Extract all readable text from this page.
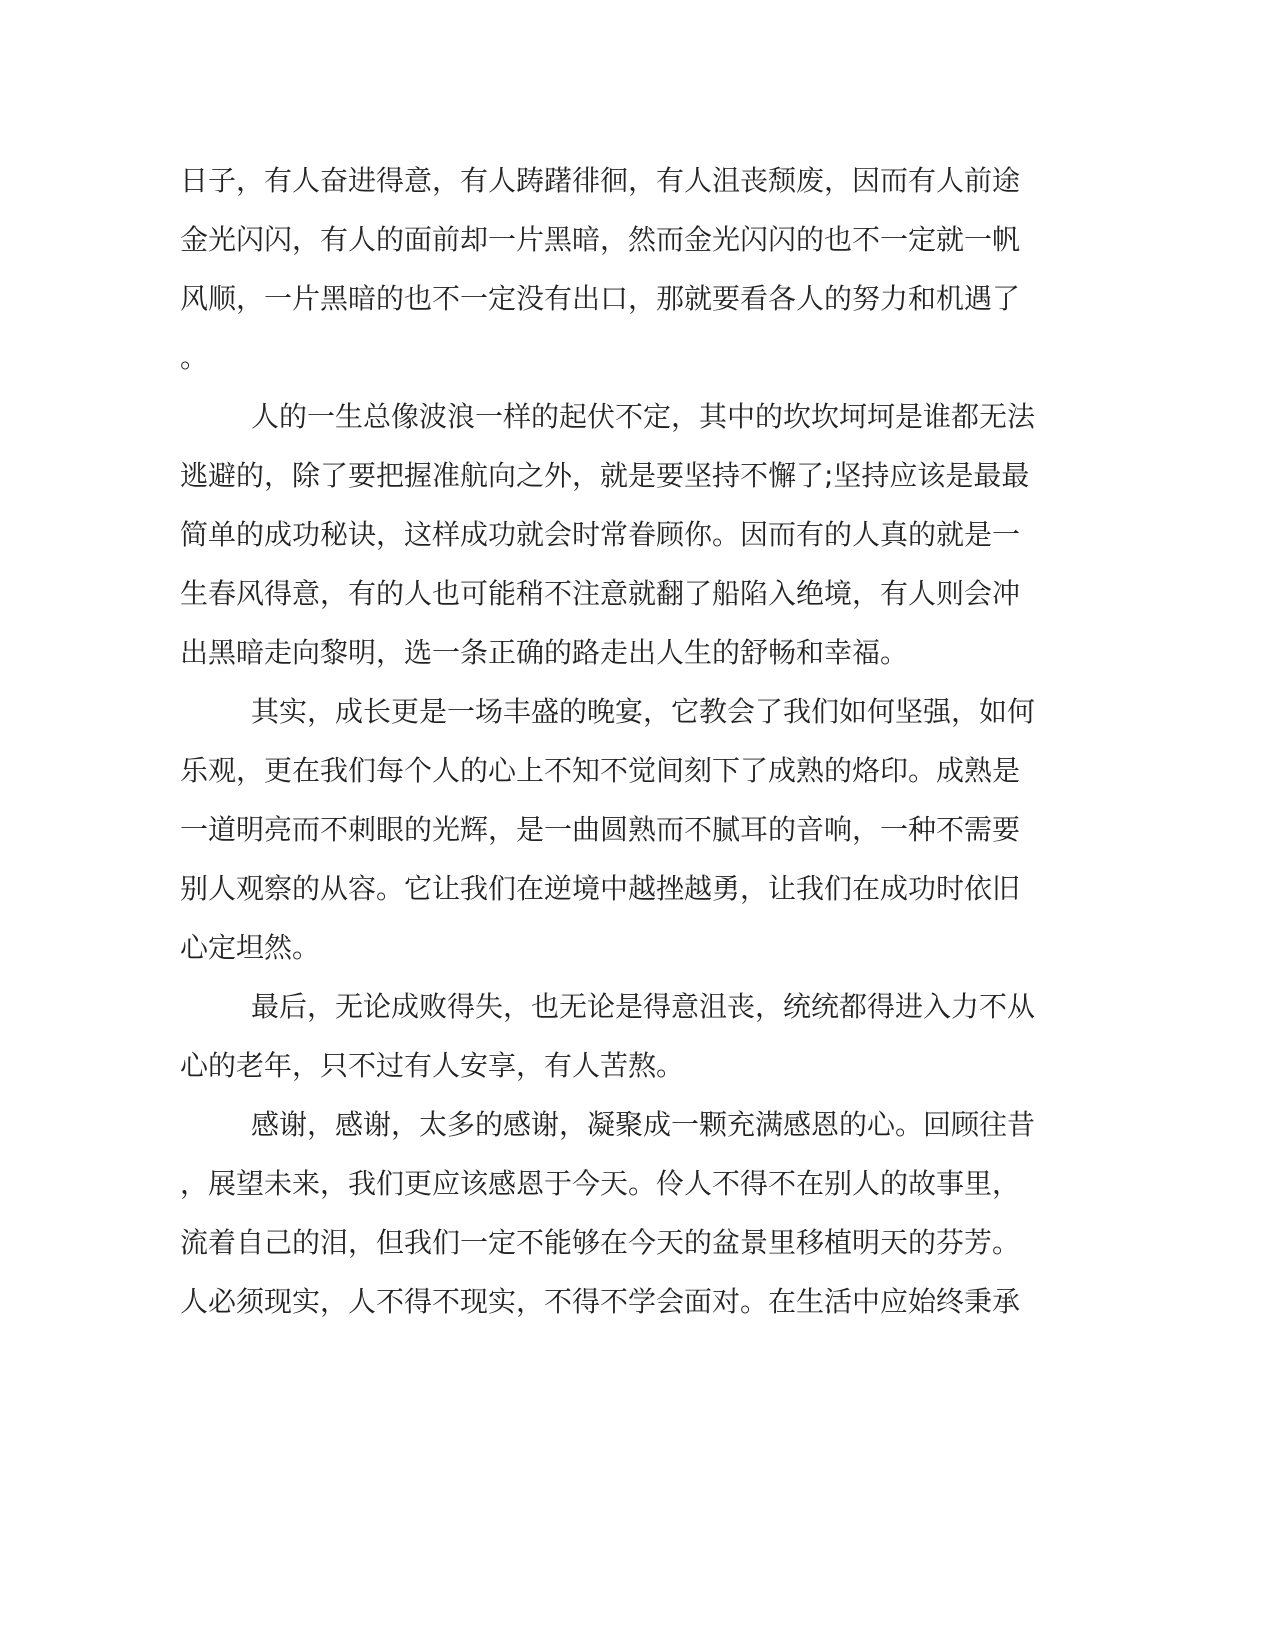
日子，有人奋进得意，有人踌躇徘徊，有人沮丧颓废，因而有人前途

金光闪闪，有人的面前却一片黑暗，然而金光闪闪的也不一定就一帆

风顺，一片黑暗的也不一定没有出口，那就要看各人的努力和机遇了

。

人的一生总像波浪一样的起伏不定，其中的坎坎坷坷是谁都无法

逃避的，除了要把握准航向之外，就是要坚持不懈了;坚持应该是最最

简单的成功秘诀，这样成功就会时常眷顾你。因而有的人真的就是一

生春风得意，有的人也可能稍不注意就翻了船陷入绝境，有人则会冲

出黑暗走向黎明，选一条正确的路走出人生的舒畅和幸福。

其实，成长更是一场丰盛的晚宴，它教会了我们如何坚强，如何

乐观，更在我们每个人的心上不知不觉间刻下了成熟的烙印。成熟是

一道明亮而不刺眼的光辉，是一曲圆熟而不腻耳的音响，一种不需要

别人观察的从容。它让我们在逆境中越挫越勇，让我们在成功时依旧

心定坦然。

最后，无论成败得失，也无论是得意沮丧，统统都得进入力不从

心的老年，只不过有人安享，有人苦熬。

感谢，感谢，太多的感谢，凝聚成一颗充满感恩的心。回顾往昔

，展望未来，我们更应该感恩于今天。伶人不得不在别人的故事里，

流着自己的泪，但我们一定不能够在今天的盆景里移植明天的芬芳。

人必须现实，人不得不现实，不得不学会面对。在生活中应始终秉承
